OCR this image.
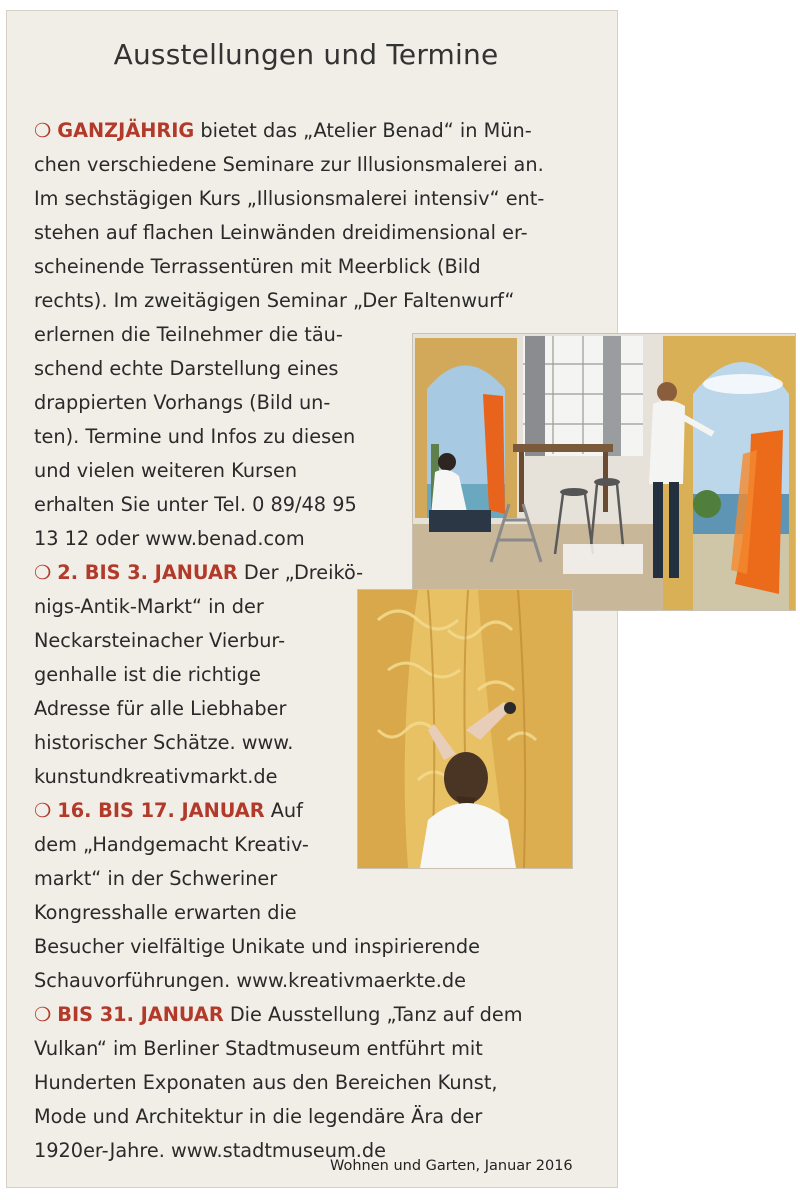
Ausstellungen und Termine
❍ GANZJÄHRIG bietet das „Atelier Benad“ in Mün-
chen verschiedene Seminare zur Illusionsmalerei an.
Im sechstägigen Kurs „Illusionsmalerei intensiv“ ent-
stehen auf flachen Leinwänden dreidimensional er-
scheinende Terrassentüren mit Meerblick (Bild
rechts). Im zweitägigen Seminar „Der Faltenwurf“
erlernen die Teilnehmer die täu-
schend echte Darstellung eines
drappierten Vorhangs (Bild un-
ten). Termine und Infos zu diesen
und vielen weiteren Kursen
erhalten Sie unter Tel. 0 89/48 95
13 12 oder www.benad.com
❍ 2. BIS 3. JANUAR Der „Dreikö-
nigs-Antik-Markt“ in der
Neckarsteinacher Vierbur-
genhalle ist die richtige
Adresse für alle Liebhaber
historischer Schätze. www.
kunstundkreativmarkt.de
❍ 16. BIS 17. JANUAR Auf
dem „Handgemacht Kreativ-
markt“ in der Schweriner
Kongresshalle erwarten die
Besucher vielfältige Unikate und inspirierende
Schauvorführungen. www.kreativmaerkte.de
❍ BIS 31. JANUAR Die Ausstellung „Tanz auf dem
Vulkan“ im Berliner Stadtmuseum entführt mit
Hunderten Exponaten aus den Bereichen Kunst,
Mode und Architektur in die legendäre Ära der
1920er-Jahre. www.stadtmuseum.de
Wohnen und Garten, Januar 2016
